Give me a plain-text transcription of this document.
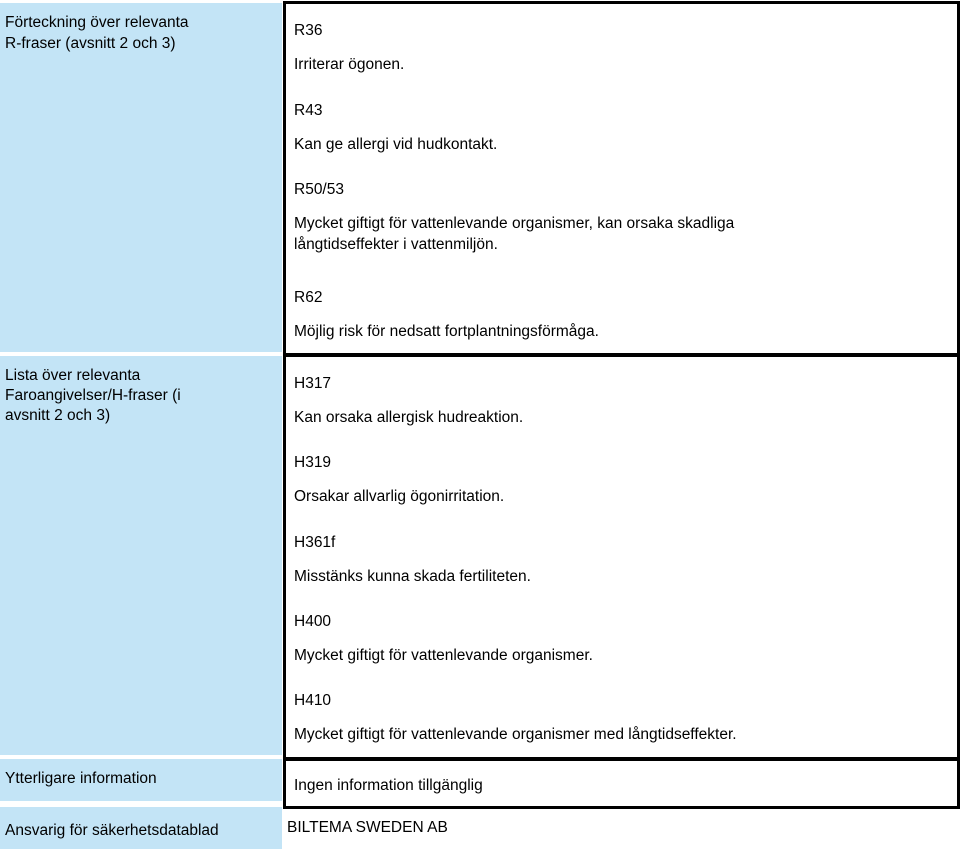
Förteckning över relevanta
R-fraser (avsnitt 2 och 3)
R36
Irriterar ögonen.
R43
Kan ge allergi vid hudkontakt.
R50/53
Mycket giftigt för vattenlevande organismer, kan orsaka skadliga
långtidseffekter i vattenmiljön.
R62
Möjlig risk för nedsatt fortplantningsförmåga.
Lista över relevanta
Faroangivelser/H-fraser (i
avsnitt 2 och 3)
H317
Kan orsaka allergisk hudreaktion.
H319
Orsakar allvarlig ögonirritation.
H361f
Misstänks kunna skada fertiliteten.
H400
Mycket giftigt för vattenlevande organismer.
H410
Mycket giftigt för vattenlevande organismer med långtidseffekter.
Ytterligare information	Ingen information tillgänglig
Ansvarig för säkerhetsdatablad	BILTEMA SWEDEN AB
